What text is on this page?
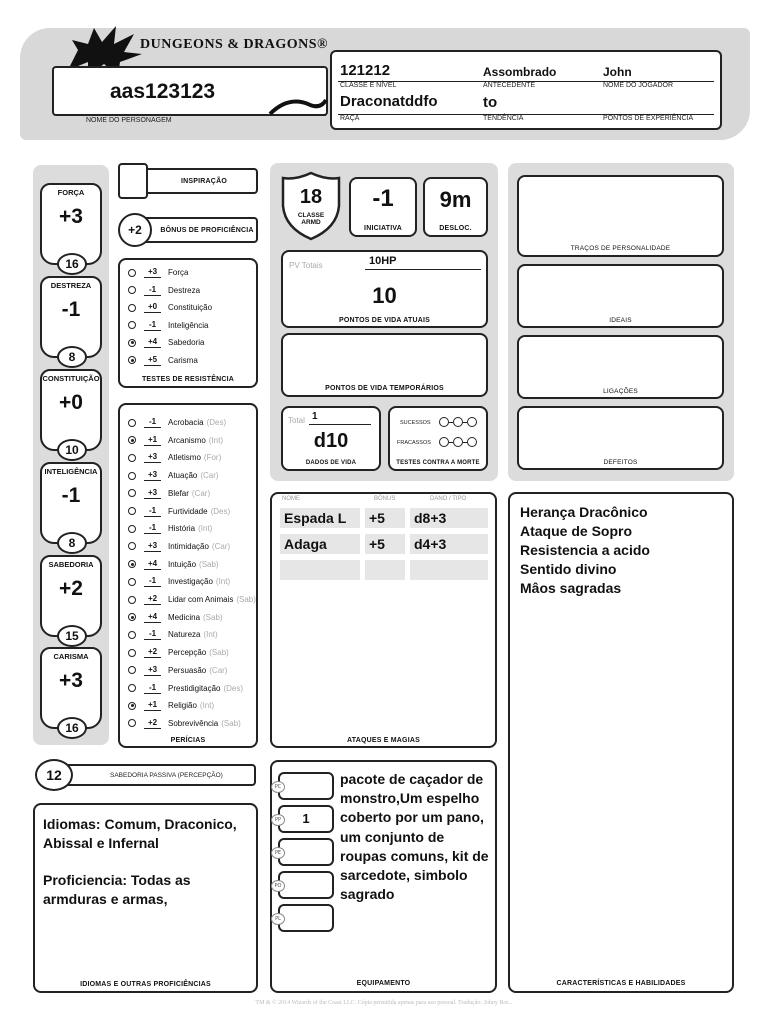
DUNGEONS & DRAGONS®
aas123123
NOME DO PERSONAGEM
121212	Assombrado	John
CLASSE E NÍVEL	ANTECEDENTE	NOME DO JOGADOR
Draconatddfo	to
RAÇA	TENDÊNCIA	PONTOS DE EXPERIÊNCIA
FORÇA
+3
16
DESTREZA
-1
8
CONSTITUIÇÃO
+0
10
INTELIGÊNCIA
-1
8
SABEDORIA
+2
15
CARISMA
+3
16
INSPIRAÇÃO
BÔNUS DE PROFICIÊNCIA
+2
+3	Força
-1	Destreza
+0	Constituição
-1	Inteligência
+4	Sabedoria
+5	Carisma
TESTES DE RESISTÊNCIA
-1	Acrobacia (Des)
+1	Arcanismo (Int)
+3	Atletismo (For)
+3	Atuação (Car)
+3	Blefar (Car)
-1	Furtividade (Des)
-1	História (Int)
+3	Intimidação (Car)
+4	Intuição (Sab)
-1	Investigação (Int)
+2	Lidar com Animais (Sab)
+4	Medicina (Sab)
-1	Natureza (Int)
+2	Percepção (Sab)
+3	Persuasão (Car)
-1	Prestidigitação (Des)
+1	Religião (Int)
+2	Sobrevivência (Sab)
PERÍCIAS
SABEDORIA PASSIVA (PERCEPÇÃO)
12
Idiomas: Comum, Draconico, Abissal e Infernal
Proficiencia: Todas as armduras e armas,
IDIOMAS E OUTRAS PROFICIÊNCIAS
18
CLASSE ARMD
-1
INICIATIVA
9m
DESLOC.
PV Totais	10HP
10
PONTOS DE VIDA ATUAIS
PONTOS DE VIDA TEMPORÁRIOS
Total 1
d10
DADOS DE VIDA
SUCESSOS
FRACASSOS
TESTES CONTRA A MORTE
NOME	BÔNUS	DANO / TIPO
Espada L	+5	d8+3
Adaga	+5	d4+3
ATAQUES E MAGIAS
pacote de caçador de monstro,Um espelho coberto por um pano, um conjunto de roupas comuns, kit de sarcedote, simbolo sagrado
EQUIPAMENTO
PC
PP	1
PE
PO
PL
TRAÇOS DE PERSONALIDADE
IDEAIS
LIGAÇÕES
DEFEITOS
Herança Dracônico
Ataque de Sopro
Resistencia a acido
Sentido divino
Mâos sagradas
CARACTERÍSTICAS E HABILIDADES
TM & © 2014 Wizards of the Coast LLC. Cópia permitida apenas para uso pessoal. Tradução: Johny Bot...
